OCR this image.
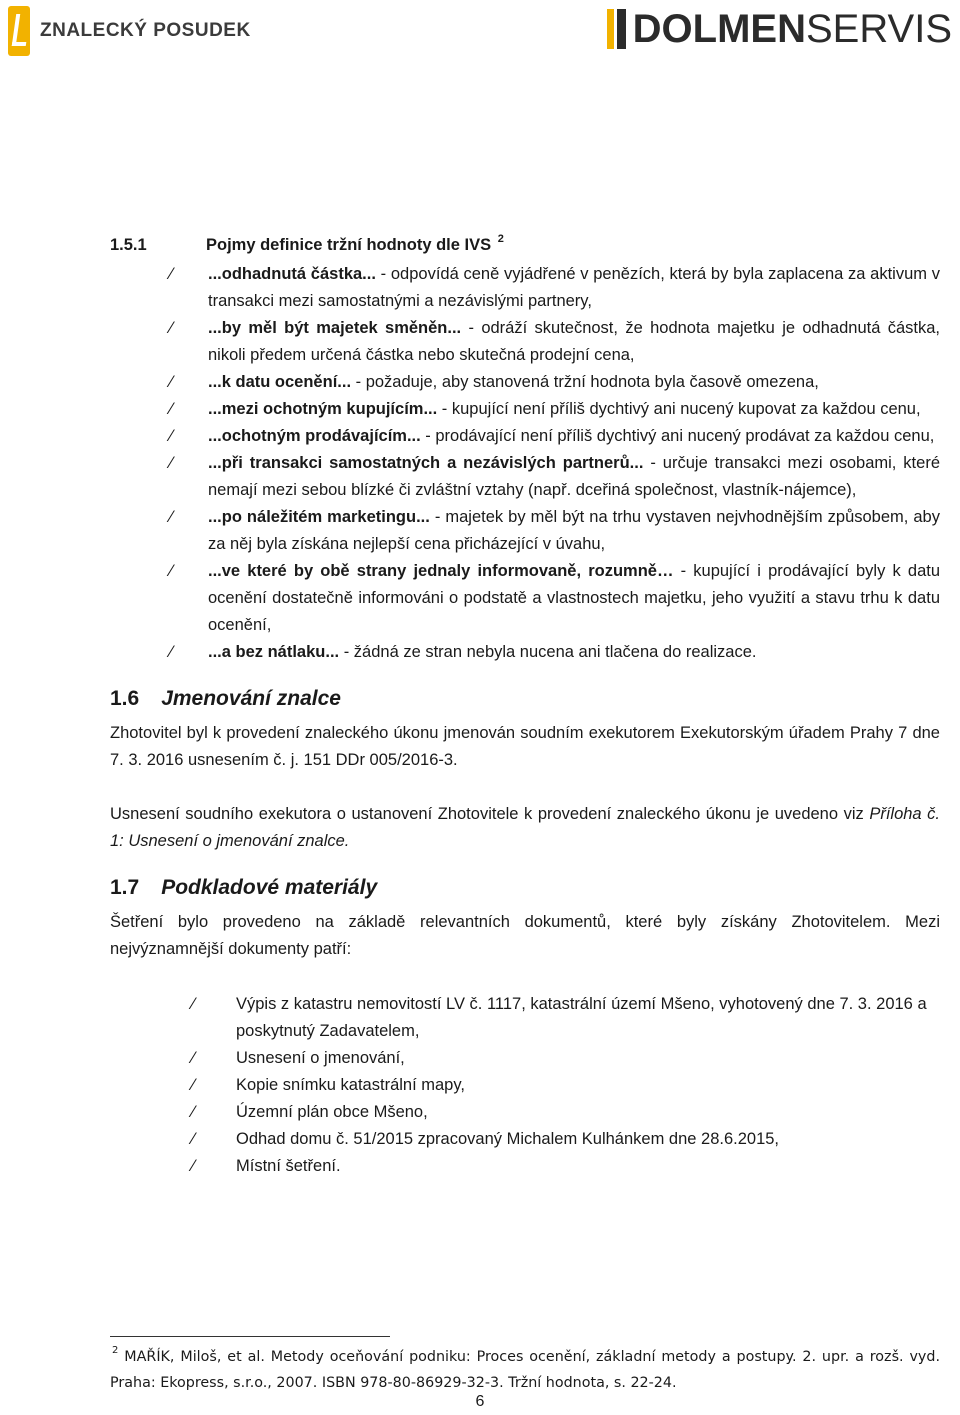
ZNALECKÝ POSUDEK	DOLMEN SERVIS
1.5.1	Pojmy definice tržní hodnoty dle IVS $^2$
⁄	...odhadnutá částka... - odpovídá ceně vyjádřené v penězích, která by byla zaplacena za aktivum v transakci mezi samostatnými a nezávislými partnery,
⁄	...by měl být majetek směněn... - odráží skutečnost, že hodnota majetku je odhadnutá částka, nikoli předem určená částka nebo skutečná prodejní cena,
⁄	...k datu ocenění... - požaduje, aby stanovená tržní hodnota byla časově omezena,
⁄	...mezi ochotným kupujícím... - kupující není příliš dychtivý ani nucený kupovat za každou cenu,
⁄	...ochotným prodávajícím... - prodávající není příliš dychtivý ani nucený prodávat za každou cenu,
⁄	...při transakci samostatných a nezávislých partnerů... - určuje transakci mezi osobami, které nemají mezi sebou blízké či zvláštní vztahy (např. dceřiná společnost, vlastník-nájemce),
⁄	...po náležitém marketingu... - majetek by měl být na trhu vystaven nejvhodnějším způsobem, aby za něj byla získána nejlepší cena přicházející v úvahu,
⁄	...ve které by obě strany jednaly informovaně, rozumně… - kupující i prodávající byly k datu ocenění dostatečně informováni o podstatě a vlastnostech majetku, jeho využití a stavu trhu k datu ocenění,
⁄	...a bez nátlaku... - žádná ze stran nebyla nucena ani tlačena do realizace.
1.6 Jmenování znalce

Zhotovitel byl k provedení znaleckého úkonu jmenován soudním exekutorem Exekutorským úřadem Prahy 7 dne 7. 3. 2016 usnesením č. j. 151 DDr 005/2016-3.

Usnesení soudního exekutora o ustanovení Zhotovitele k provedení znaleckého úkonu je uvedeno viz Příloha č. 1: Usnesení o jmenování znalce.

1.7 Podkladové materiály

Šetření bylo provedeno na základě relevantních dokumentů, které byly získány Zhotovitelem. Mezi nejvýznamnější dokumenty patří:

⁄	Výpis z katastru nemovitostí LV č. 1117, katastrální území Mšeno, vyhotovený dne 7. 3. 2016 a poskytnutý Zadavatelem,
⁄	Usnesení o jmenování,
⁄	Kopie snímku katastrální mapy,
⁄	Územní plán obce Mšeno,
⁄	Odhad domu č. 51/2015 zpracovaný Michalem Kulhánkem dne 28.6.2015,
⁄	Místní šetření.
$^2$ MAŘÍK, Miloš, et al. Metody oceňování podniku: Proces ocenění, základní metody a postupy. 2. upr. a rozš. vyd. Praha: Ekopress, s.r.o., 2007. ISBN 978-80-86929-32-3. Tržní hodnota, s. 22-24.
6
